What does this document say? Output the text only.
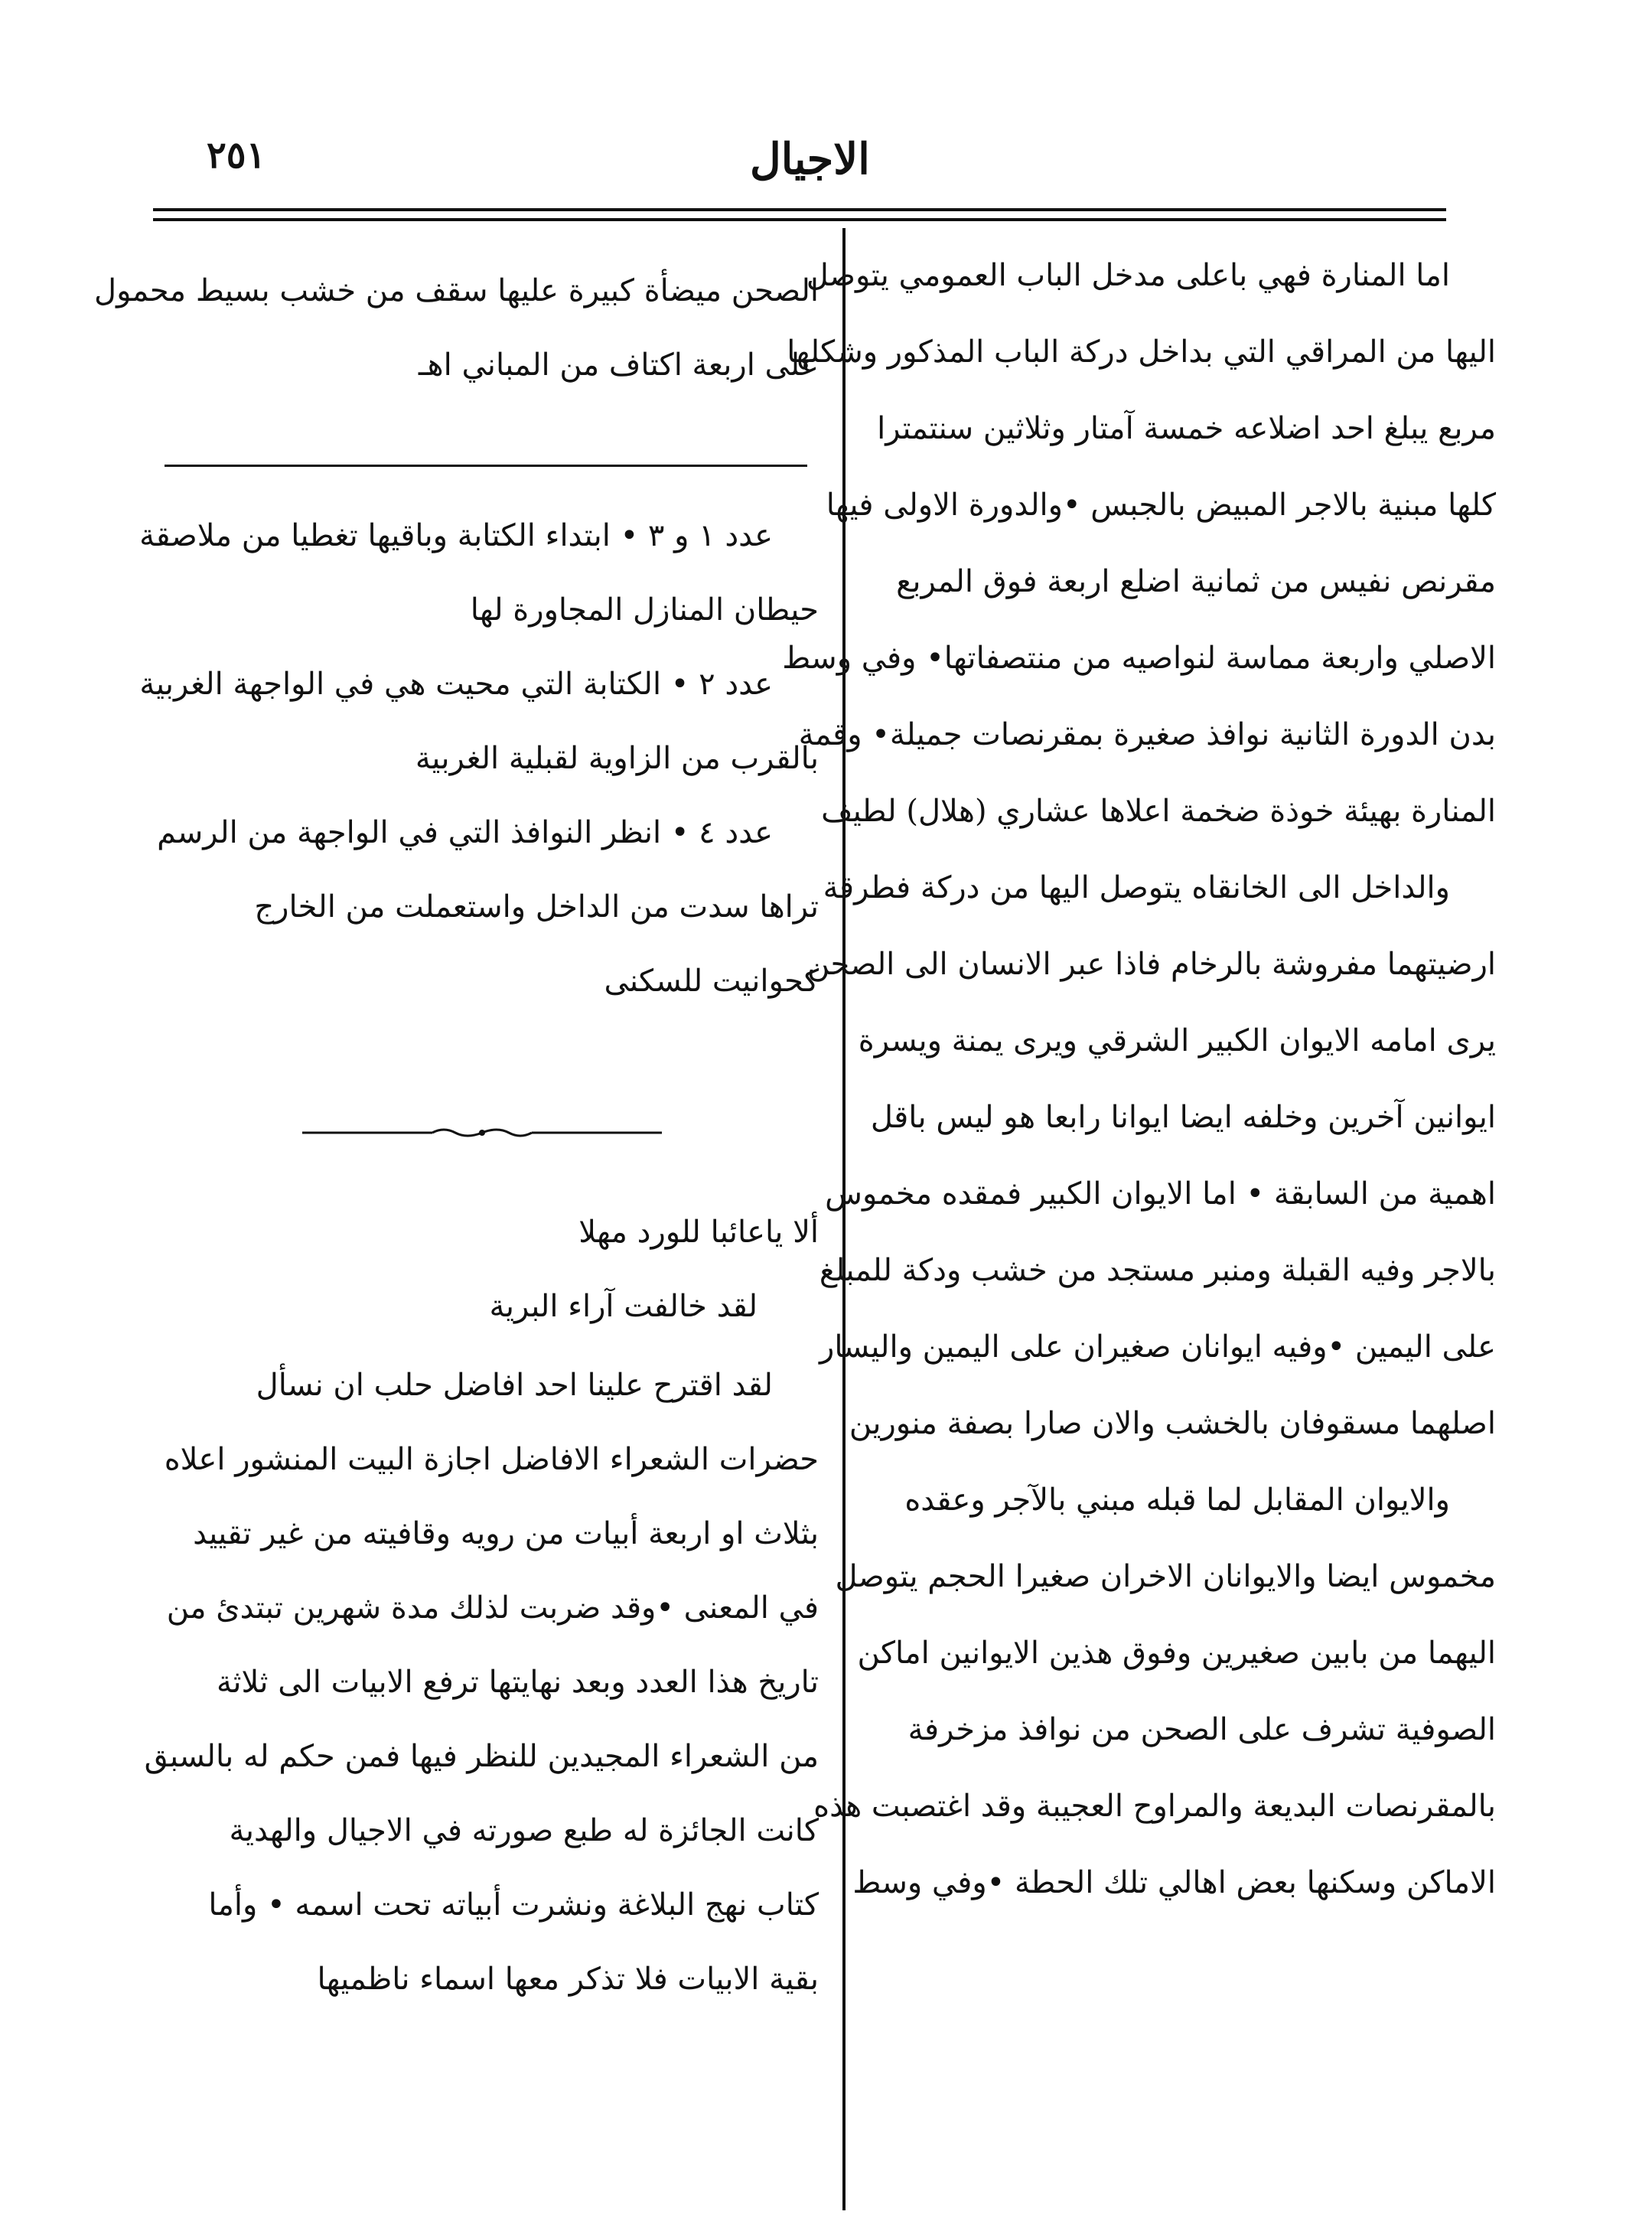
٢٥١	الاجيال
اما المنارة فهي باعلى مدخل الباب العمومي يتوصل
اليها من المراقي التي بداخل دركة الباب المذكور وشكلها
مربع يبلغ احد اضلاعه خمسة آمتار وثلاثين سنتمترا
كلها مبنية بالاجر المبيض بالجبس •والدورة الاولى فيها
مقرنص نفيس من ثمانية اضلع اربعة فوق المربع
الاصلي واربعة مماسة لنواصيه من منتصفاتها• وفي وسط
بدن الدورة الثانية نوافذ صغيرة بمقرنصات جميلة• وقمة
المنارة بهيئة خوذة ضخمة اعلاها عشاري (هلال) لطيف
والداخل الى الخانقاه يتوصل اليها من دركة فطرقة
ارضيتهما مفروشة بالرخام فاذا عبر الانسان الى الصحن
يرى امامه الايوان الكبير الشرقي ويرى يمنة ويسرة
ايوانين آخرين وخلفه ايضا ايوانا رابعا هو ليس باقل
اهمية من السابقة • اما الايوان الكبير فمقده مخموس
بالاجر وفيه القبلة ومنبر مستجد من خشب ودكة للمبلغ
على اليمين •وفيه ايوانان صغيران على اليمين واليسار
اصلهما مسقوفان بالخشب والان صارا بصفة منورين
والايوان المقابل لما قبله مبني بالآجر وعقده
مخموس ايضا والايوانان الاخران صغيرا الحجم يتوصل
اليهما من بابين صغيرين وفوق هذين الايوانين اماكن
الصوفية تشرف على الصحن من نوافذ مزخرفة
بالمقرنصات البديعة والمراوح العجيبة وقد اغتصبت هذه
الاماكن وسكنها بعض اهالي تلك الحطة •وفي وسط
الصحن ميضأة كبيرة عليها سقف من خشب بسيط محمول
على اربعة اكتاف من المباني اهـ
عدد ١ و ٣ • ابتداء الكتابة وباقيها تغطيا من ملاصقة
حيطان المنازل المجاورة لها
عدد ٢ • الكتابة التي محيت هي في الواجهة الغربية
بالقرب من الزاوية لقبلية الغربية
عدد ٤ • انظر النوافذ التي في الواجهة من الرسم
تراها سدت من الداخل واستعملت من الخارج
كحوانيت للسكنى
ألا ياعائبا للورد مهلا
لقد خالفت آراء البرية
لقد اقترح علينا احد افاضل حلب ان نسأل
حضرات الشعراء الافاضل اجازة البيت المنشور اعلاه
بثلاث او اربعة أبيات من رويه وقافيته من غير تقييد
في المعنى •وقد ضربت لذلك مدة شهرين تبتدئ من
تاريخ هذا العدد وبعد نهايتها ترفع الابيات الى ثلاثة
من الشعراء المجيدين للنظر فيها فمن حكم له بالسبق
كانت الجائزة له طبع صورته في الاجيال والهدية
كتاب نهج البلاغة ونشرت أبياته تحت اسمه • وأما
بقية الابيات فلا تذكر معها اسماء ناظميها
